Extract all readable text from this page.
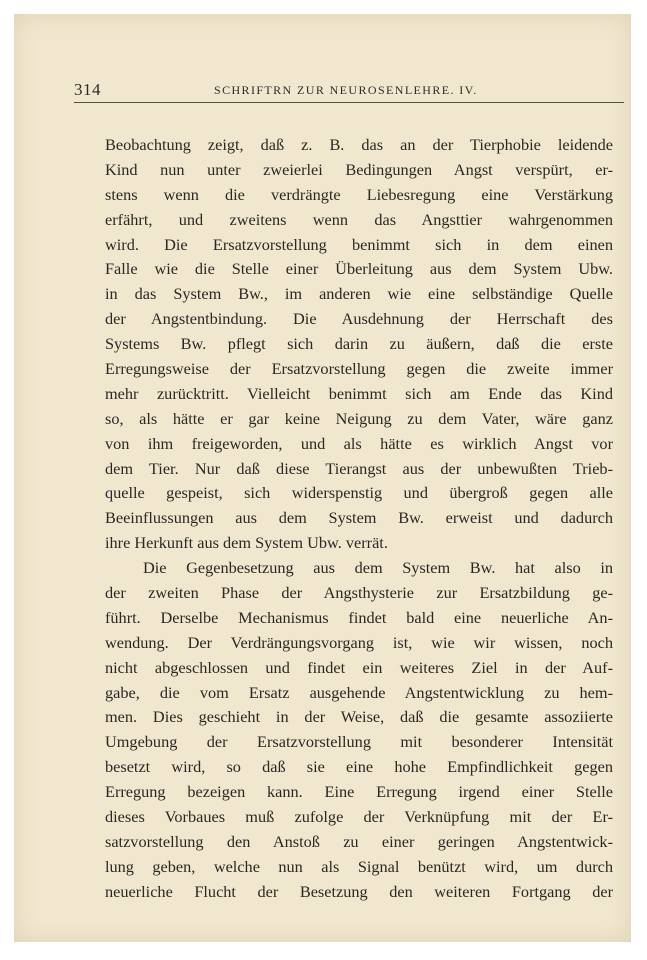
314	SCHRIFTRN ZUR NEUROSENLEHRE. IV.
Beobachtung zeigt, daß z. B. das an der Tierphobie leidende
Kind nun unter zweierlei Bedingungen Angst verspürt, er-
stens wenn die verdrängte Liebesregung eine Verstärkung
erfährt, und zweitens wenn das Angsttier wahrgenommen
wird. Die Ersatzvorstellung benimmt sich in dem einen
Falle wie die Stelle einer Überleitung aus dem System Ubw.
in das System Bw., im anderen wie eine selbständige Quelle
der Angstentbindung. Die Ausdehnung der Herrschaft des
Systems Bw. pflegt sich darin zu äußern, daß die erste
Erregungsweise der Ersatzvorstellung gegen die zweite immer
mehr zurücktritt. Vielleicht benimmt sich am Ende das Kind
so, als hätte er gar keine Neigung zu dem Vater, wäre ganz
von ihm freigeworden, und als hätte es wirklich Angst vor
dem Tier. Nur daß diese Tierangst aus der unbewußten Trieb-
quelle gespeist, sich widerspenstig und übergroß gegen alle
Beeinflussungen aus dem System Bw. erweist und dadurch
ihre Herkunft aus dem System Ubw. verrät.
Die Gegenbesetzung aus dem System Bw. hat also in
der zweiten Phase der Angsthysterie zur Ersatzbildung ge-
führt. Derselbe Mechanismus findet bald eine neuerliche An-
wendung. Der Verdrängungsvorgang ist, wie wir wissen, noch
nicht abgeschlossen und findet ein weiteres Ziel in der Auf-
gabe, die vom Ersatz ausgehende Angstentwicklung zu hem-
men. Dies geschieht in der Weise, daß die gesamte assoziierte
Umgebung der Ersatzvorstellung mit besonderer Intensität
besetzt wird, so daß sie eine hohe Empfindlichkeit gegen
Erregung bezeigen kann. Eine Erregung irgend einer Stelle
dieses Vorbaues muß zufolge der Verknüpfung mit der Er-
satzvorstellung den Anstoß zu einer geringen Angstentwick-
lung geben, welche nun als Signal benützt wird, um durch
neuerliche Flucht der Besetzung den weiteren Fortgang der
